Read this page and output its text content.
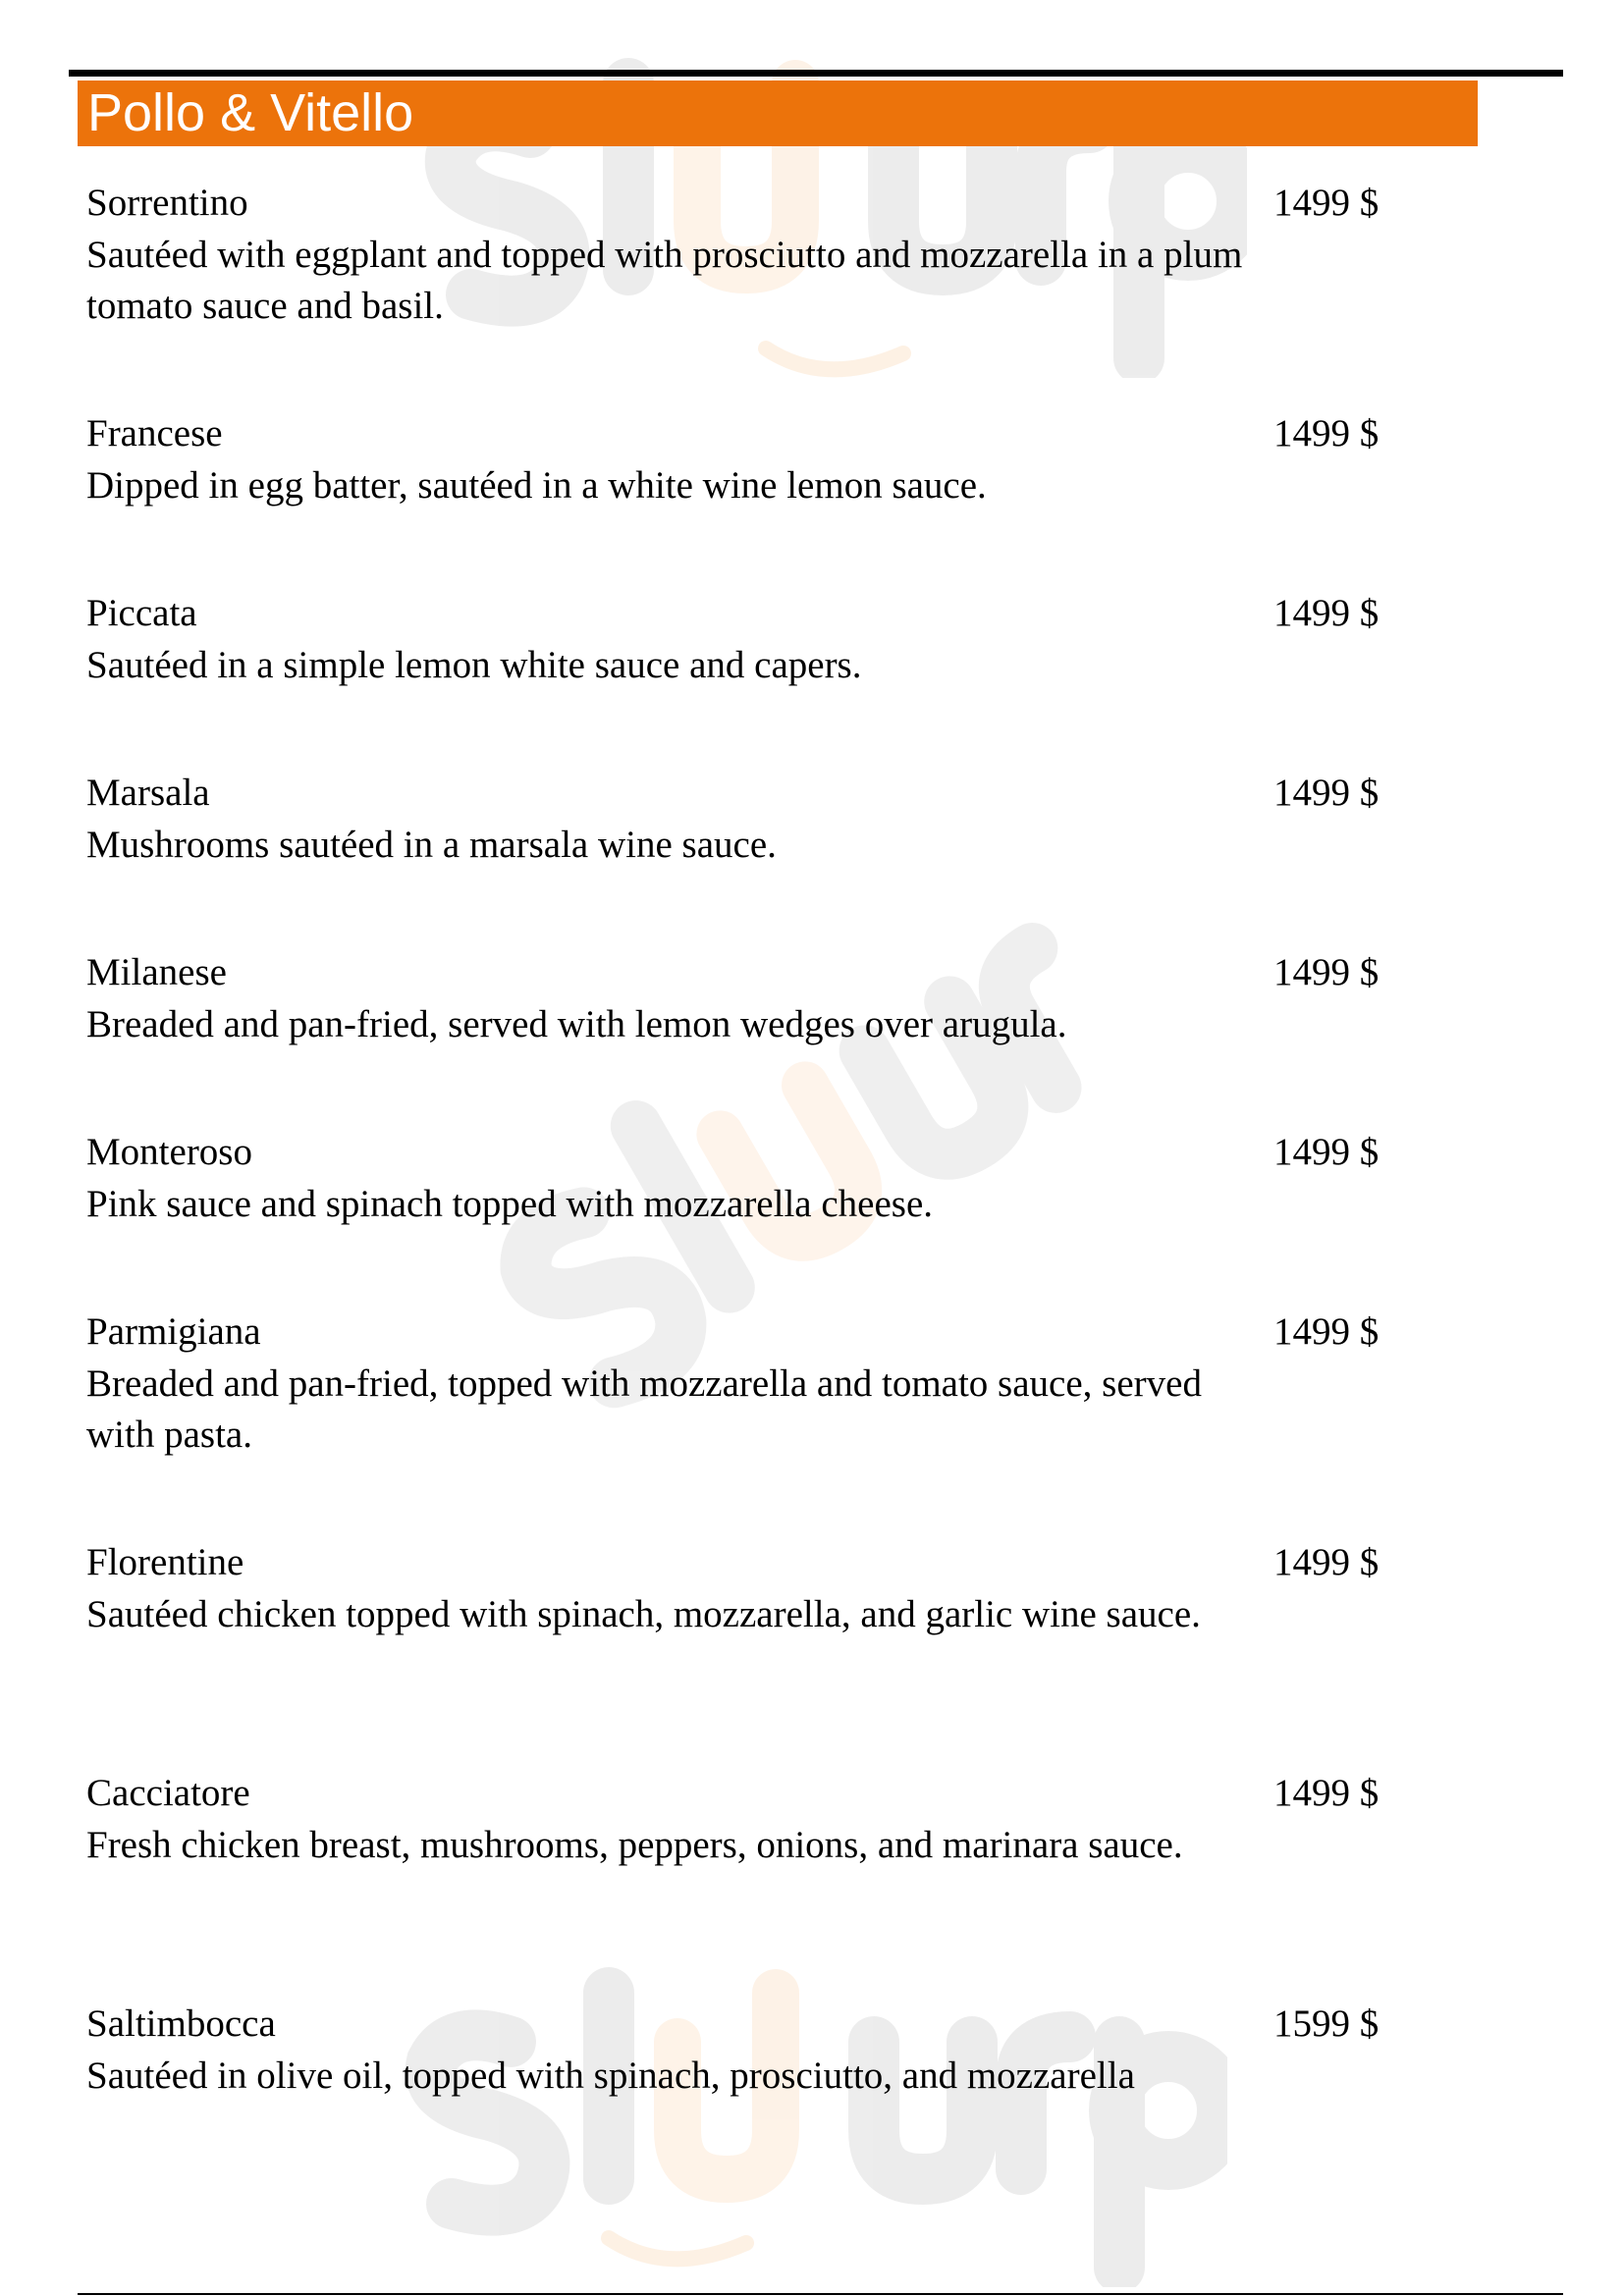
Pollo & Vitello
Sorrentino
Sautéed with eggplant and topped with prosciutto and mozzarella in a plum tomato sauce and basil.
1499 $
Francese
Dipped in egg batter, sautéed in a white wine lemon sauce.
1499 $
Piccata
Sautéed in a simple lemon white sauce and capers.
1499 $
Marsala
Mushrooms sautéed in a marsala wine sauce.
1499 $
Milanese
Breaded and pan-fried, served with lemon wedges over arugula.
1499 $
Monteroso
Pink sauce and spinach topped with mozzarella cheese.
1499 $
Parmigiana
Breaded and pan-fried, topped with mozzarella and tomato sauce, served with pasta.
1499 $
Florentine
Sautéed chicken topped with spinach, mozzarella, and garlic wine sauce.
1499 $
Cacciatore
Fresh chicken breast, mushrooms, peppers, onions, and marinara sauce.
1499 $
Saltimbocca
Sautéed in olive oil, topped with spinach, prosciutto, and mozzarella
1599 $
